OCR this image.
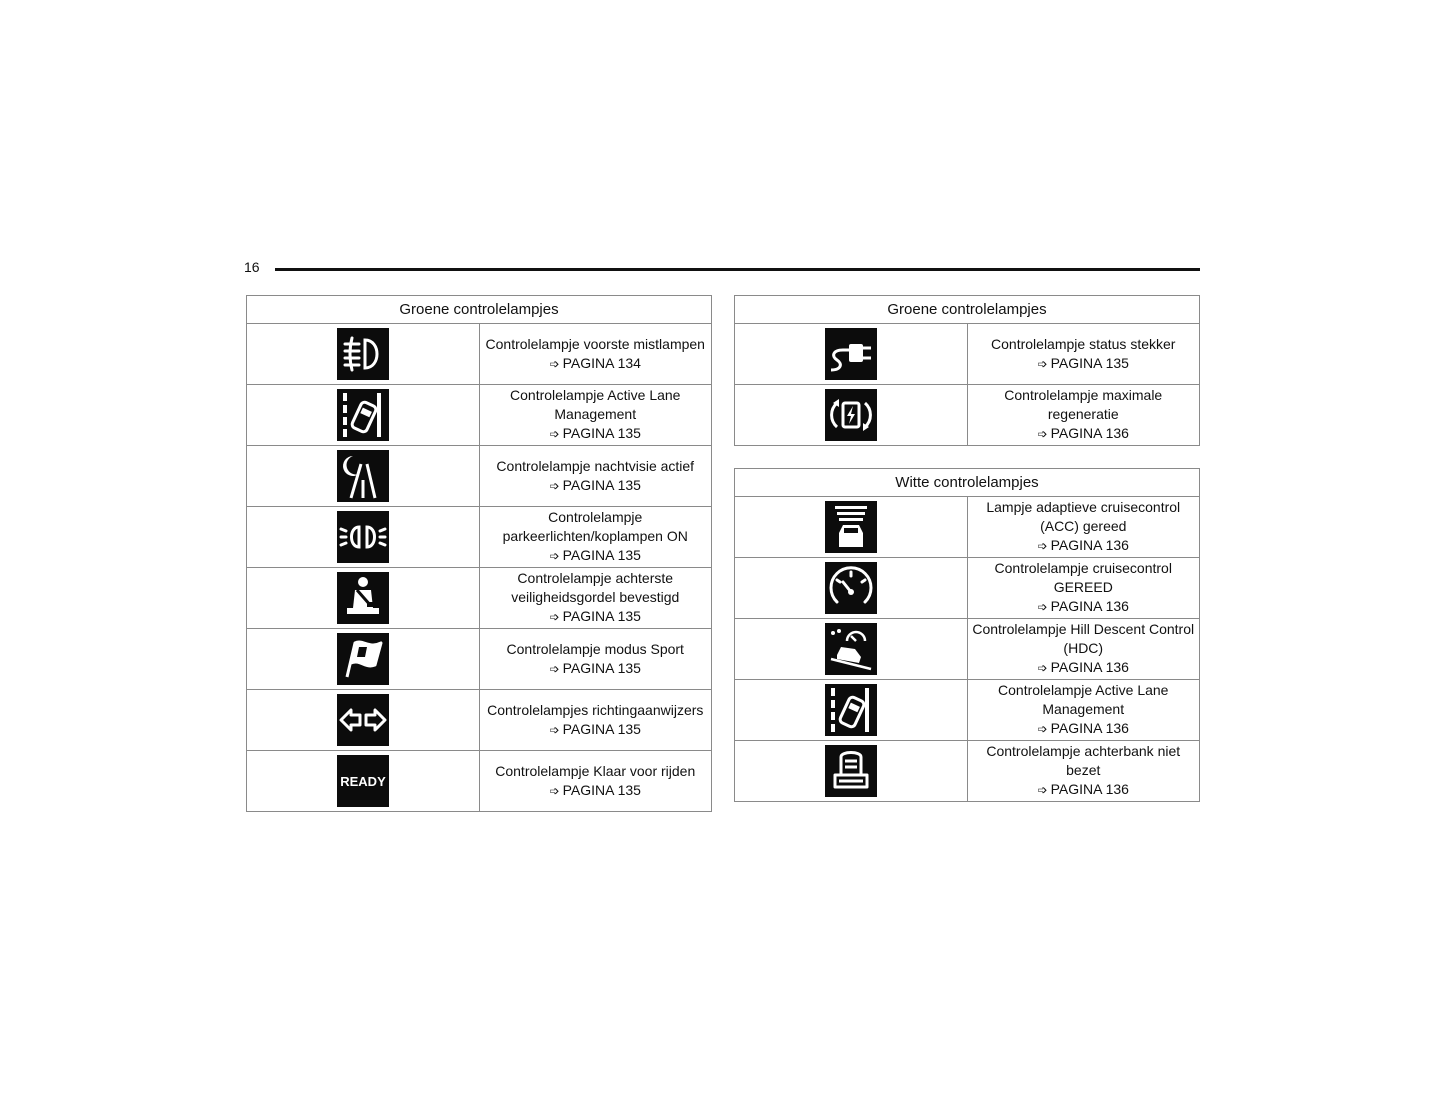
16
Groene controlelampjes	

Controlelampje voorste mistlampen
➩ PAGINA 134

Controlelampje Active Lane Management
➩ PAGINA 135

Controlelampje nachtvisie actief
➩ PAGINA 135

Controlelampje parkeerlichten/koplampen ON
➩ PAGINA 135

Controlelampje achterste veiligheidsgordel bevestigd
➩ PAGINA 135

Controlelampje modus Sport
➩ PAGINA 135

Controlelampjes richtingaanwijzers
➩ PAGINA 135

READY	Controlelampje Klaar voor rijden
➩ PAGINA 135
Groene controlelampjes	

Controlelampje status stekker
➩ PAGINA 135

Controlelampje maximale regeneratie
➩ PAGINA 136
Witte controlelampjes	

Lampje adaptieve cruisecontrol (ACC) gereed
➩ PAGINA 136

Controlelampje cruisecontrol GEREED
➩ PAGINA 136

Controlelampje Hill Descent Control (HDC)
➩ PAGINA 136

Controlelampje Active Lane Management
➩ PAGINA 136

Controlelampje achterbank niet bezet
➩ PAGINA 136
